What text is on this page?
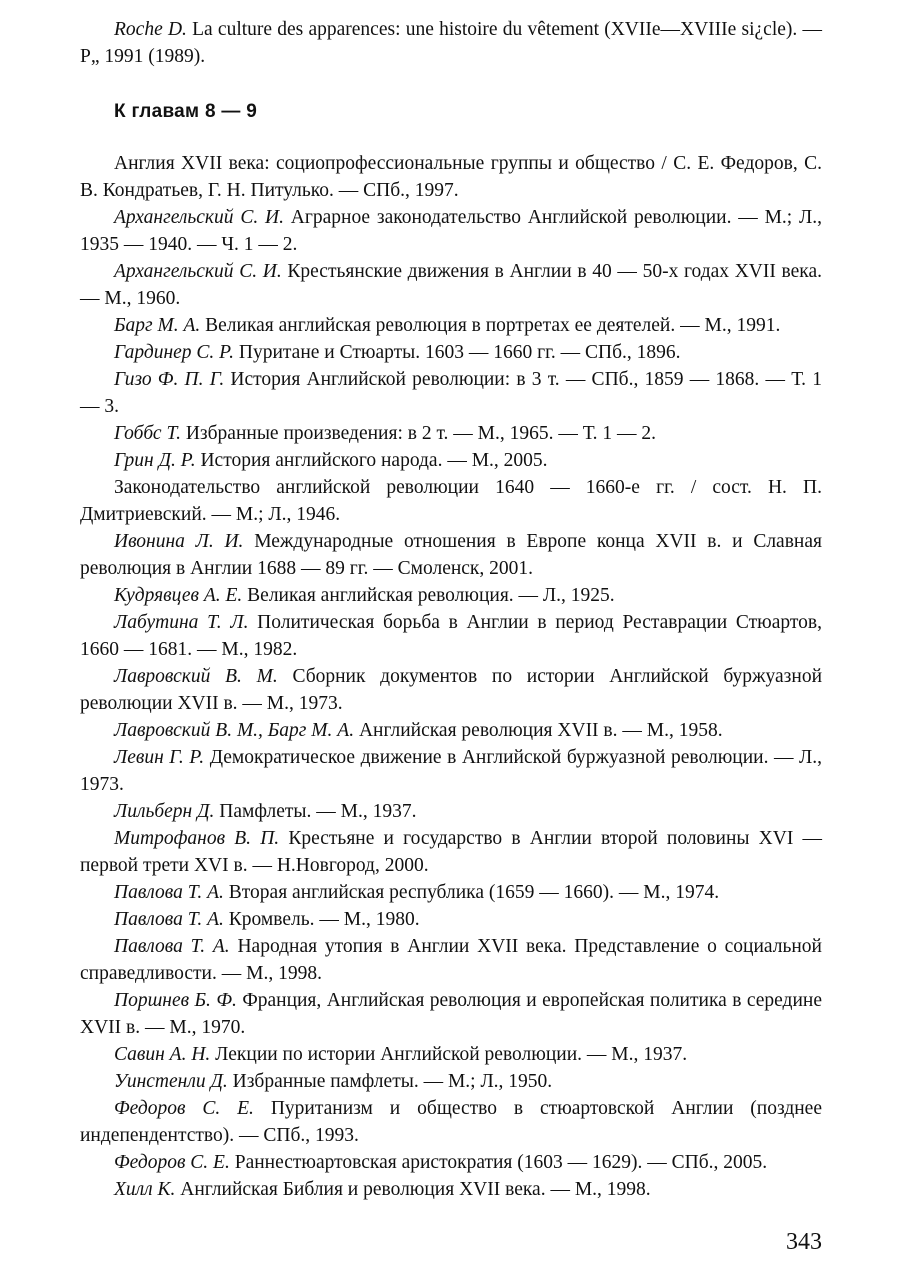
Roche D. La culture des apparences: une histoire du vêtement (XVIIe—XVIIIe si¿cle). — P„ 1991 (1989).

К главам 8 — 9

Англия XVII века: социопрофессиональные группы и общество / С. Е. Федоров, С. В. Кондратьев, Г. Н. Питулько. — СПб., 1997.

Архангельский С. И. Аграрное законодательство Английской революции. — М.; Л., 1935 — 1940. — Ч. 1 — 2.

Архангельский С. И. Крестьянские движения в Англии в 40 — 50-х годах XVII века. — М., 1960.

Барг М. А. Великая английская революция в портретах ее деятелей. — М., 1991.

Гардинер С. Р. Пуритане и Стюарты. 1603 — 1660 гг. — СПб., 1896.

Гизо Ф. П. Г. История Английской революции: в 3 т. — СПб., 1859 — 1868. — Т. 1 — 3.

Гоббс Т. Избранные произведения: в 2 т. — М., 1965. — Т. 1 — 2.

Грин Д. Р. История английского народа. — М., 2005.

Законодательство английской революции 1640 — 1660-е гг. / сост. Н. П. Дмитриевский. — М.; Л., 1946.

Ивонина Л. И. Международные отношения в Европе конца XVII в. и Славная революция в Англии 1688 — 89 гг. — Смоленск, 2001.

Кудрявцев А. Е. Великая английская революция. — Л., 1925.

Лабутина Т. Л. Политическая борьба в Англии в период Реставрации Стюартов, 1660 — 1681. — М., 1982.

Лавровский В. М. Сборник документов по истории Английской буржуазной революции XVII в. — М., 1973.

Лавровский В. М., Барг М. А. Английская революция XVII в. — М., 1958.

Левин Г. Р. Демократическое движение в Английской буржуазной революции. — Л., 1973.

Лильберн Д. Памфлеты. — М., 1937.

Митрофанов В. П. Крестьяне и государство в Англии второй половины XVI — первой трети XVI в. — Н.Новгород, 2000.

Павлова Т. А. Вторая английская республика (1659 — 1660). — М., 1974.

Павлова Т. А. Кромвель. — М., 1980.

Павлова Т. А. Народная утопия в Англии XVII века. Представление о социальной справедливости. — М., 1998.

Поршнев Б. Ф. Франция, Английская революция и европейская политика в середине XVII в. — М., 1970.

Савин А. Н. Лекции по истории Английской революции. — М., 1937.

Уинстенли Д. Избранные памфлеты. — М.; Л., 1950.

Федоров С. Е. Пуританизм и общество в стюартовской Англии (позднее индепендентство). — СПб., 1993.

Федоров С. Е. Раннестюартовская аристократия (1603 — 1629). — СПб., 2005.

Хилл К. Английская Библия и революция XVII века. — М., 1998.

343
